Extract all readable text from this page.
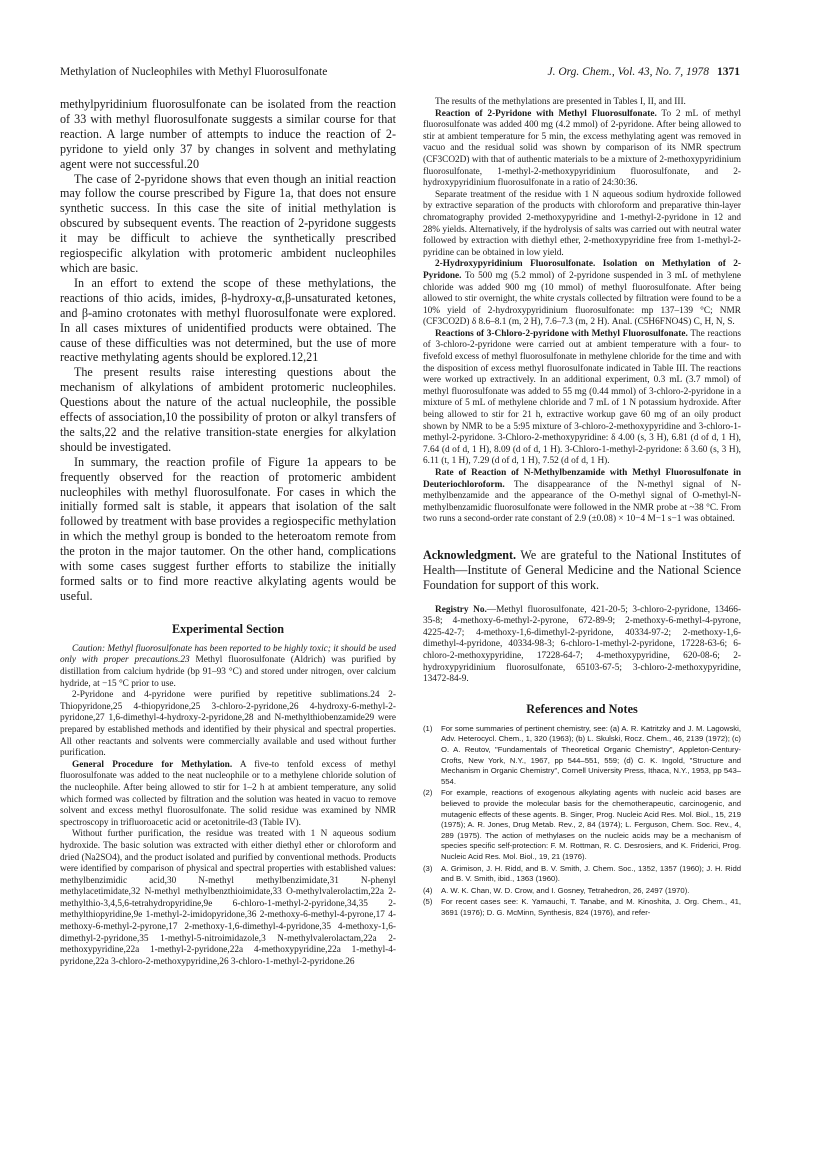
Methylation of Nucleophiles with Methyl Fluorosulfonate	J. Org. Chem., Vol. 43, No. 7, 1978 1371

methylpyridinium fluorosulfonate can be isolated from the reaction of 33 with methyl fluorosulfonate suggests a similar course for that reaction. A large number of attempts to induce the reaction of 2-pyridone to yield only 37 by changes in solvent and methylating agent were not successful.20

The case of 2-pyridone shows that even though an initial reaction may follow the course prescribed by Figure 1a, that does not ensure synthetic success. In this case the site of initial methylation is obscured by subsequent events. The reaction of 2-pyridone suggests it may be difficult to achieve the synthetically prescribed regiospecific alkylation with protomeric ambident nucleophiles which are basic.

In an effort to extend the scope of these methylations, the reactions of thio acids, imides, β-hydroxy-α,β-unsaturated ketones, and β-amino crotonates with methyl fluorosulfonate were explored. In all cases mixtures of unidentified products were obtained. The cause of these difficulties was not determined, but the use of more reactive methylating agents should be explored.12,21

The present results raise interesting questions about the mechanism of alkylations of ambident protomeric nucleophiles. Questions about the nature of the actual nucleophile, the possible effects of association,10 the possibility of proton or alkyl transfers of the salts,22 and the relative transition-state energies for alkylation should be investigated.

In summary, the reaction profile of Figure 1a appears to be frequently observed for the reaction of protomeric ambident nucleophiles with methyl fluorosulfonate. For cases in which the initially formed salt is stable, it appears that isolation of the salt followed by treatment with base provides a regiospecific methylation in which the methyl group is bonded to the heteroatom remote from the proton in the major tautomer. On the other hand, complications with some cases suggest further efforts to stabilize the initially formed salts or to find more reactive alkylating agents would be useful.

Experimental Section

Caution: Methyl fluorosulfonate has been reported to be highly toxic; it should be used only with proper precautions.23 Methyl fluorosulfonate (Aldrich) was purified by distillation from calcium hydride (bp 91–93 °C) and stored under nitrogen, over calcium hydride, at −15 °C prior to use.

2-Pyridone and 4-pyridone were purified by repetitive sublimations.24 2-Thiopyridone,25 4-thiopyridone,25 3-chloro-2-pyridone,26 4-hydroxy-6-methyl-2-pyridone,27 1,6-dimethyl-4-hydroxy-2-pyridone,28 and N-methylthiobenzamide29 were prepared by established methods and identified by their physical and spectral properties. All other reactants and solvents were commercially available and used without further purification.

General Procedure for Methylation. A five-to tenfold excess of methyl fluorosulfonate was added to the neat nucleophile or to a methylene chloride solution of the nucleophile. After being allowed to stir for 1–2 h at ambient temperature, any solid which formed was collected by filtration and the solution was heated in vacuo to remove solvent and excess methyl fluorosulfonate. The solid residue was examined by NMR spectroscopy in trifluoroacetic acid or acetonitrile-d3 (Table IV).

Without further purification, the residue was treated with 1 N aqueous sodium hydroxide. The basic solution was extracted with either diethyl ether or chloroform and dried (Na2SO4), and the product isolated and purified by conventional methods. Products were identified by comparison of physical and spectral properties with established values: methylbenzimidic acid,30 N-methyl methylbenzimidate,31 N-phenyl methylacetimidate,32 N-methyl methylbenzthioimidate,33 O-methylvalerolactim,22a 2-methylthio-3,4,5,6-tetrahydropyridine,9e 6-chloro-1-methyl-2-pyridone,34,35 2-methylthiopyridine,9e 1-methyl-2-imidopyridone,36 2-methoxy-6-methyl-4-pyrone,17 4-methoxy-6-methyl-2-pyrone,17 2-methoxy-1,6-dimethyl-4-pyridone,35 4-methoxy-1,6-dimethyl-2-pyridone,35 1-methyl-5-nitroimidazole,3 N-methylvalerolactam,22a 2-methoxypyridine,22a 1-methyl-2-pyridone,22a 4-methoxypyridine,22a 1-methyl-4-pyridone,22a 3-chloro-2-methoxypyridine,26 3-chloro-1-methyl-2-pyridone.26

The results of the methylations are presented in Tables I, II, and III.

Reaction of 2-Pyridone with Methyl Fluorosulfonate. To 2 mL of methyl fluorosulfonate was added 400 mg (4.2 mmol) of 2-pyridone. After being allowed to stir at ambient temperature for 5 min, the excess methylating agent was removed in vacuo and the residual solid was shown by comparison of its NMR spectrum (CF3CO2D) with that of authentic materials to be a mixture of 2-methoxypyridinium fluorosulfonate, 1-methyl-2-methoxypyridinium fluorosulfonate, and 2-hydroxypyridinium fluorosulfonate in a ratio of 24:30:36.

Separate treatment of the residue with 1 N aqueous sodium hydroxide followed by extractive separation of the products with chloroform and preparative thin-layer chromatography provided 2-methoxypyridine and 1-methyl-2-pyridone in 12 and 28% yields. Alternatively, if the hydrolysis of salts was carried out with neutral water followed by extraction with diethyl ether, 2-methoxypyridine free from 1-methyl-2-pyridine can be obtained in low yield.

2-Hydroxypyridinium Fluorosulfonate. Isolation on Methylation of 2-Pyridone. To 500 mg (5.2 mmol) of 2-pyridone suspended in 3 mL of methylene chloride was added 900 mg (10 mmol) of methyl fluorosulfonate. After being allowed to stir overnight, the white crystals collected by filtration were found to be a 10% yield of 2-hydroxypyridinium fluorosulfonate: mp 137–139 °C; NMR (CF3CO2D) δ 8.6–8.1 (m, 2 H), 7.6–7.3 (m, 2 H). Anal. (C5H6FNO4S) C, H, N, S.

Reactions of 3-Chloro-2-pyridone with Methyl Fluorosulfonate. The reactions of 3-chloro-2-pyridone were carried out at ambient temperature with a four- to fivefold excess of methyl fluorosulfonate in methylene chloride for the time and with the disposition of excess methyl fluorosulfonate indicated in Table III. The reactions were worked up extractively. In an additional experiment, 0.3 mL (3.7 mmol) of methyl fluorosulfonate was added to 55 mg (0.44 mmol) of 3-chloro-2-pyridone in a mixture of 5 mL of methylene chloride and 7 mL of 1 N potassium hydroxide. After being allowed to stir for 21 h, extractive workup gave 60 mg of an oily product shown by NMR to be a 5:95 mixture of 3-chloro-2-methoxypyridine and 3-chloro-1-methyl-2-pyridone. 3-Chloro-2-methoxypyridine: δ 4.00 (s, 3 H), 6.81 (d of d, 1 H), 7.64 (d of d, 1 H), 8.09 (d of d, 1 H). 3-Chloro-1-methyl-2-pyridone: δ 3.60 (s, 3 H), 6.11 (t, 1 H), 7.29 (d of d, 1 H), 7.52 (d of d, 1 H).

Rate of Reaction of N-Methylbenzamide with Methyl Fluorosulfonate in Deuteriochloroform. The disappearance of the N-methyl signal of N-methylbenzamide and the appearance of the O-methyl signal of O-methyl-N-methylbenzamidic fluorosulfonate were followed in the NMR probe at ~38 °C. From two runs a second-order rate constant of 2.9 (±0.08) × 10−4 M−1 s−1 was obtained.

Acknowledgment. We are grateful to the National Institutes of Health—Institute of General Medicine and the National Science Foundation for support of this work.

Registry No.—Methyl fluorosulfonate, 421-20-5; 3-chloro-2-pyridone, 13466-35-8; 4-methoxy-6-methyl-2-pyrone, 672-89-9; 2-methoxy-6-methyl-4-pyrone, 4225-42-7; 4-methoxy-1,6-dimethyl-2-pyridone, 40334-97-2; 2-methoxy-1,6-dimethyl-4-pyridone, 40334-98-3; 6-chloro-1-methyl-2-pyridone, 17228-63-6; 6-chloro-2-methoxypyridine, 17228-64-7; 4-methoxypyridine, 620-08-6; 2-hydroxypyridinium fluorosulfonate, 65103-67-5; 3-chloro-2-methoxypyridine, 13472-84-9.

References and Notes
(1)	For some summaries of pertinent chemistry, see: (a) A. R. Katritzky and J. M. Lagowski, Adv. Heterocycl. Chem., 1, 320 (1963); (b) L. Skulski, Rocz. Chem., 46, 2139 (1972); (c) O. A. Reutov, "Fundamentals of Theoretical Organic Chemistry", Appleton-Century-Crofts, New York, N.Y., 1967, pp 544–551, 559; (d) C. K. Ingold, "Structure and Mechanism in Organic Chemistry", Cornell University Press, Ithaca, N.Y., 1953, pp 543–554.
(2)	For example, reactions of exogenous alkylating agents with nucleic acid bases are believed to provide the molecular basis for the chemotherapeutic, carcinogenic, and mutagenic effects of these agents. B. Singer, Prog. Nucleic Acid Res. Mol. Biol., 15, 219 (1975); A. R. Jones, Drug Metab. Rev., 2, 84 (1974); L. Ferguson, Chem. Soc. Rev., 4, 289 (1975). The action of methylases on the nucleic acids may be a mechanism of species specific self-protection: F. M. Rottman, R. C. Desrosiers, and K. Friderici, Prog. Nucleic Acid Res. Mol. Biol., 19, 21 (1976).
(3)	A. Grimison, J. H. Ridd, and B. V. Smith, J. Chem. Soc., 1352, 1357 (1960); J. H. Ridd and B. V. Smith, ibid., 1363 (1960).
(4)	A. W. K. Chan, W. D. Crow, and I. Gosney, Tetrahedron, 26, 2497 (1970).
(5)	For recent cases see: K. Yamauchi, T. Tanabe, and M. Kinoshita, J. Org. Chem., 41, 3691 (1976); D. G. McMinn, Synthesis, 824 (1976), and refer-
